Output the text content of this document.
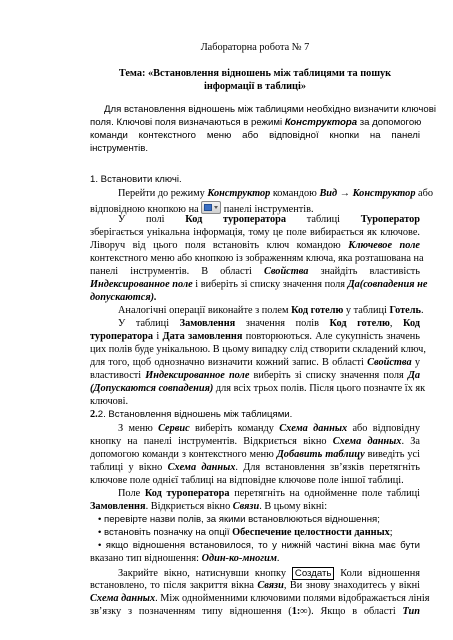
Лабораторна робота № 7
Тема: «Встановлення відношень між таблицями та пошук
інформації в таблиці»
Для встановлення відношень між таблицями необхідно визначити ключові
поля. Ключові поля визначаються в режимі Конструктора за допомогою
команди контекстного меню або відповідної кнопки на панелі
інструментів.
1. Встановити ключі.
Перейти до режиму Конструктор командою Вид → Конструктор або
відповідною кнопкою на  панелі інструментів.
У полі Код туроператора таблиці Туроператор
зберігається унікальна інформація, тому це поле вибирається як ключове.
Ліворуч від цього поля встановіть ключ командою Ключевое поле
контекстного меню або кнопкою із зображенням ключа, яка розташована на
панелі інструментів. В області Свойства знайдіть властивість
Индексированное поле і виберіть зі списку значення поля Да(совпадения не
допускаются).
Аналогічні операції виконайте з полем Код готелю у таблиці Готель.
У таблиці Замовлення значення полів Код готелю, Код
туроператора і Дата замовлення повторюються. Але сукупність значень
цих полів буде унікальною. В цьому випадку слід створити складений ключ,
для того, щоб однозначно визначити кожний запис. В області Свойства у
властивості Индексированное поле виберіть зі списку значення поля Да
(Допускаются совпадения) для всіх трьох полів. Після цього позначте їх як
ключові.
2.2. Встановлення відношень між таблицями.
З меню Сервис виберіть команду Схема данных або відповідну
кнопку на панелі інструментів. Відкриється вікно Схема данных. За
допомогою команди з контекстного меню Добавить таблицу виведіть усі
таблиці у вікно Схема данных. Для встановлення зв’язків перетягніть
ключове поле однієї таблиці на відповідне ключове поле іншої таблиці.
Поле Код туроператора перетягніть на однойменне поле таблиці
Замовлення. Відкриється вікно Связи. В цьому вікні:
• перевірте назви полів, за якими встановлюються відношення;
• встановіть позначку на опції Обеспечение целостности данных;
• якщо відношення встановилося, то у нижній частині вікна має бути
вказано тип відношення: Один-ко-многим.
Закрийте вікно, натиснувши кнопку Создать Коли відношення
встановлено, то після закриття вікна Связи, Ви знову знаходитесь у вікні
Схема данных. Між однойменними ключовими полями відображається лінія
зв’язку з позначенням типу відношення (1:∞). Якщо в області Тип
